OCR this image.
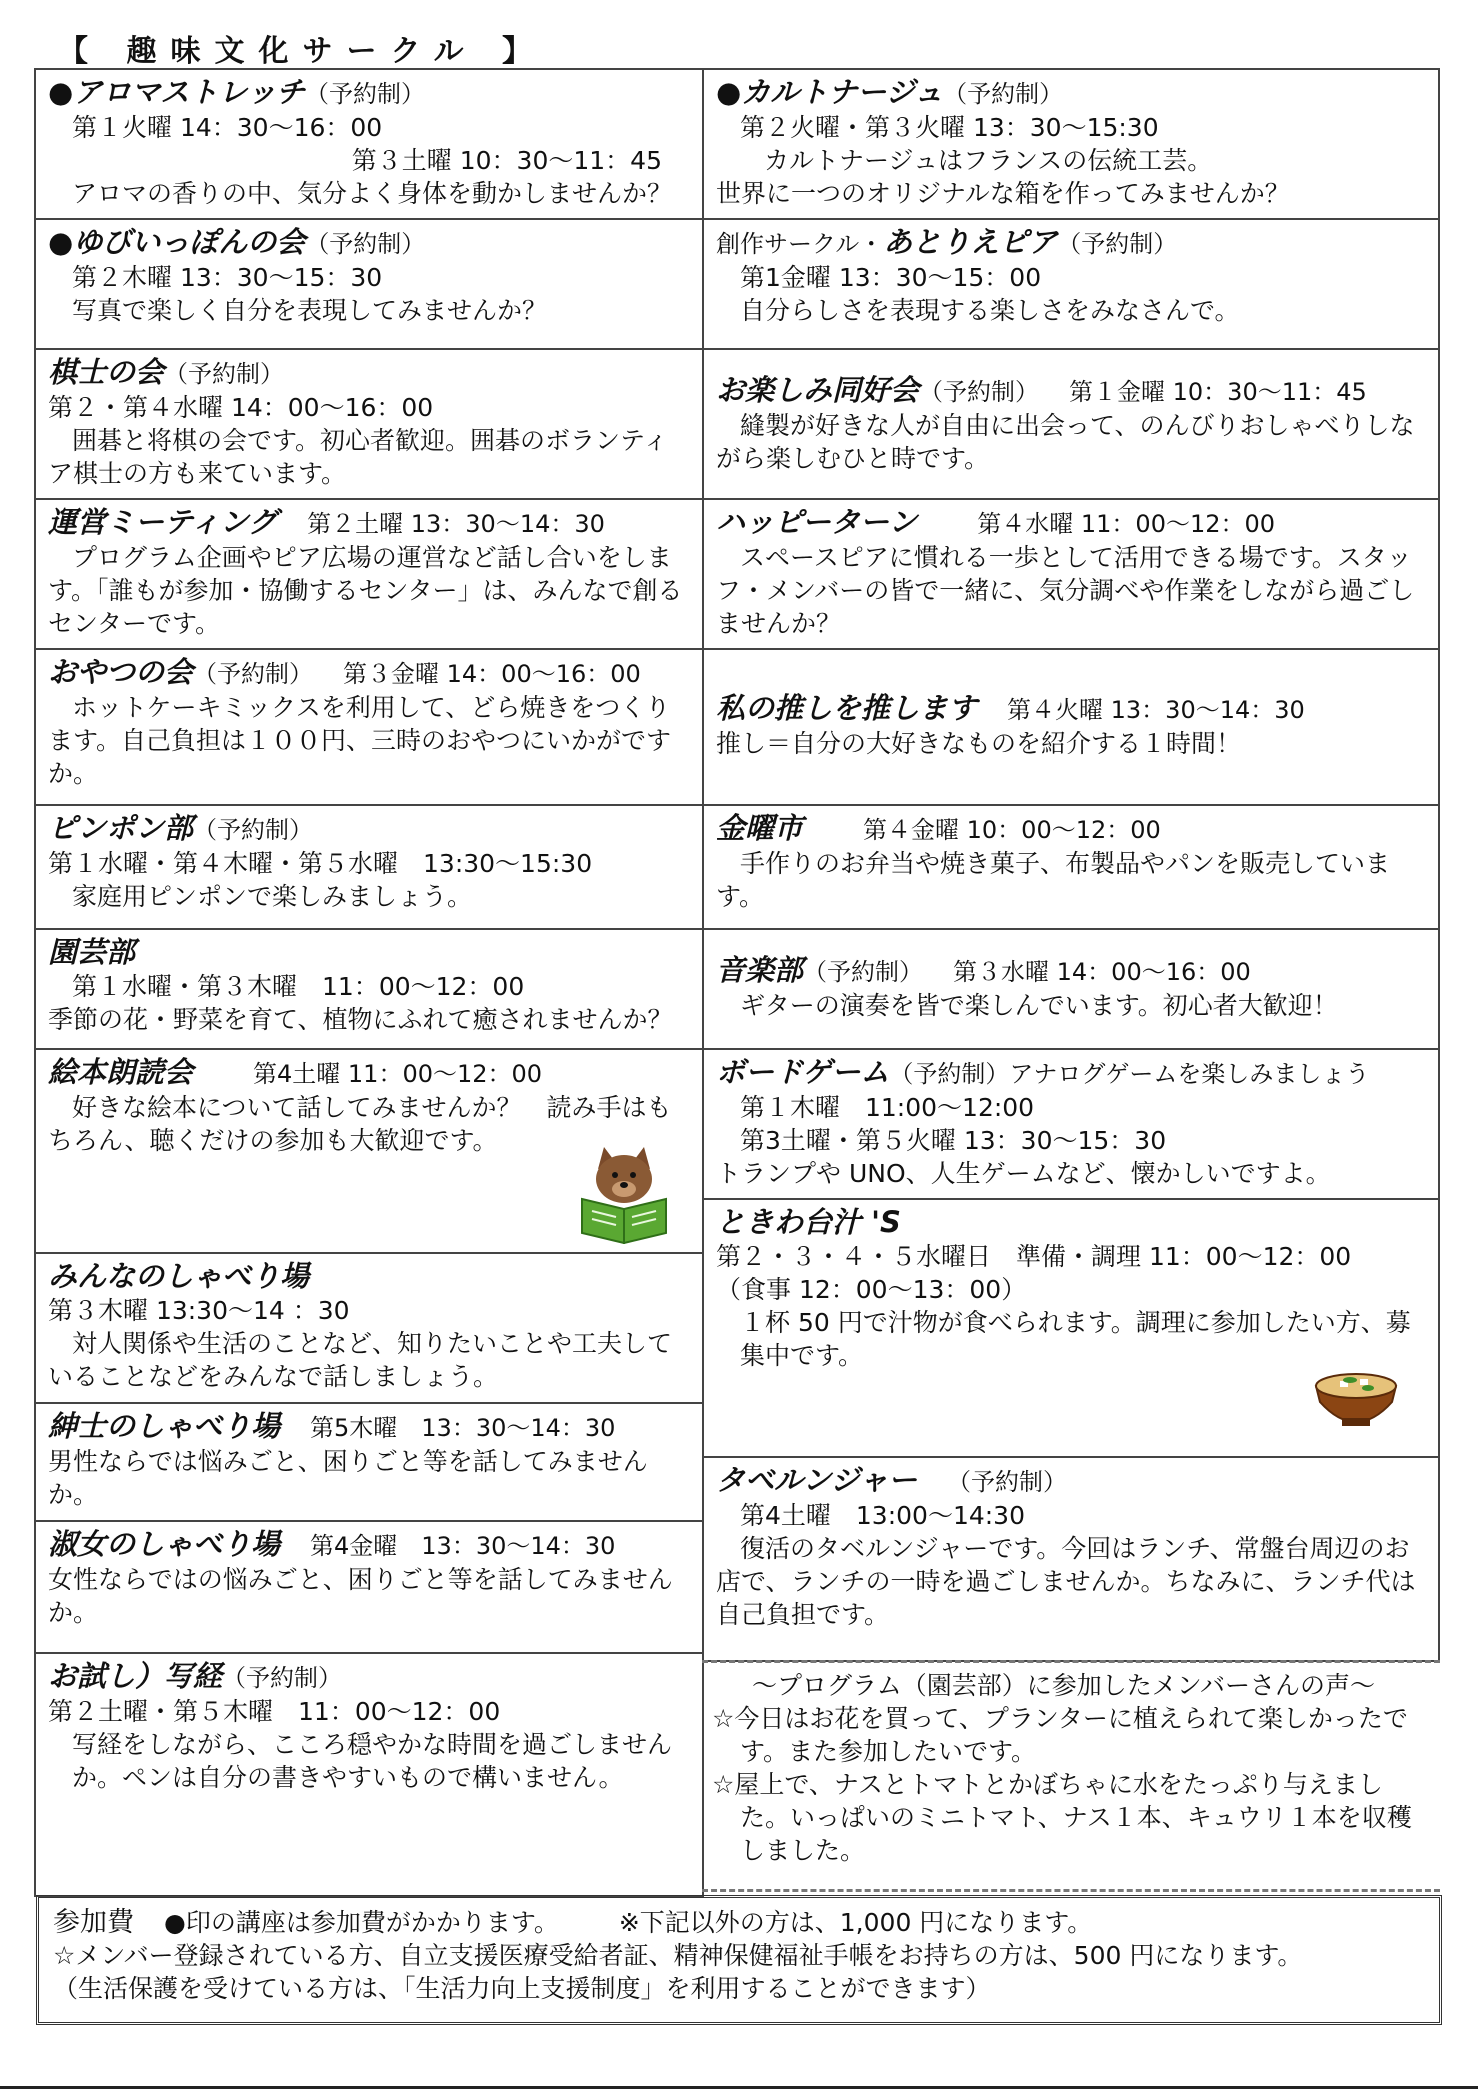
【 趣味文化サークル 】
●アロマストレッチ（予約制）
第１火曜 14：30〜16：00
第３土曜 10：30〜11：45
アロマの香りの中、気分よく身体を動かしませんか？
●ゆびいっぽんの会（予約制）
第２木曜 13：30〜15：30
写真で楽しく自分を表現してみませんか？
棋士の会（予約制）
第２・第４水曜 14：00〜16：00
囲碁と将棋の会です。初心者歓迎。囲碁のボランティア棋士の方も来ています。
運営ミーティング 第２土曜 13：30〜14：30
プログラム企画やピア広場の運営など話し合いをします。「誰もが参加・協働するセンター」は、みんなで創るセンターです。
おやつの会（予約制） 第３金曜 14：00〜16：00
ホットケーキミックスを利用して、どら焼きをつくります。自己負担は１００円、三時のおやつにいかがですか。
ピンポン部（予約制）
第１水曜・第４木曜・第５水曜　13:30〜15:30
家庭用ピンポンで楽しみましょう。
園芸部
第１水曜・第３木曜　11：00〜12：00
季節の花・野菜を育て、植物にふれて癒されませんか？
絵本朗読会	第4土曜 11：00〜12：00
好きな絵本について話してみませんか？　読み手はもちろん、聴くだけの参加も大歓迎です。
みんなのしゃべり場
第３木曜 13:30〜14 ：30
対人関係や生活のことなど、知りたいことや工夫していることなどをみんなで話しましょう。
紳士のしゃべり場 第5木曜　13：30〜14：30
男性ならでは悩みごと、困りごと等を話してみませんか。
淑女のしゃべり場 第4金曜　13：30〜14：30
女性ならではの悩みごと、困りごと等を話してみませんか。
お試し）写経（予約制）
第２土曜・第５木曜　11：00〜12：00
写経をしながら、こころ穏やかな時間を過ごしませんか。ペンは自分の書きやすいもので構いません。
●カルトナージュ（予約制）
第２火曜・第３火曜 13：30〜15:30
カルトナージュはフランスの伝統工芸。
世界に一つのオリジナルな箱を作ってみませんか？
創作サークル・あとりえピア（予約制）
第1金曜 13：30〜15：00
自分らしさを表現する楽しさをみなさんで。
お楽しみ同好会（予約制） 第１金曜 10：30〜11：45
縫製が好きな人が自由に出会って、のんびりおしゃべりしながら楽しむひと時です。
ハッピーターン	第４水曜 11：00〜12：00
スペースピアに慣れる一歩として活用できる場です。スタッフ・メンバーの皆で一緒に、気分調べや作業をしながら過ごしませんか？
私の推しを推します 第４火曜 13：30〜14：30
推し＝自分の大好きなものを紹介する１時間！
金曜市	第４金曜 10：00〜12：00
手作りのお弁当や焼き菓子、布製品やパンを販売しています。
音楽部（予約制） 第３水曜 14：00〜16：00
ギターの演奏を皆で楽しんでいます。初心者大歓迎！
ボードゲーム（予約制）アナログゲームを楽しみましょう
第１木曜　11:00〜12:00
第3土曜・第５火曜 13：30〜15：30
トランプや UNO、人生ゲームなど、懐かしいですよ。
ときわ台汁 'S
第２・３・４・５水曜日　準備・調理 11：00〜12：00
（食事 12：00〜13：00）
１杯 50 円で汁物が食べられます。調理に参加したい方、募集中です。
タベルンジャー （予約制）
第4土曜　13:00〜14:30
復活のタベルンジャーです。今回はランチ、常盤台周辺のお店で、ランチの一時を過ごしませんか。ちなみに、ランチ代は自己負担です。
〜プログラム（園芸部）に参加したメンバーさんの声〜
☆今日はお花を買って、プランターに植えられて楽しかったです。また参加したいです。
☆屋上で、ナスとトマトとかぼちゃに水をたっぷり与えました。いっぱいのミニトマト、ナス１本、キュウリ１本を収穫しました。
参加費 ●印の講座は参加費がかかります。 ※下記以外の方は、1,000 円になります。
☆メンバー登録されている方、自立支援医療受給者証、精神保健福祉手帳をお持ちの方は、500 円になります。
（生活保護を受けている方は、「生活力向上支援制度」を利用することができます）
